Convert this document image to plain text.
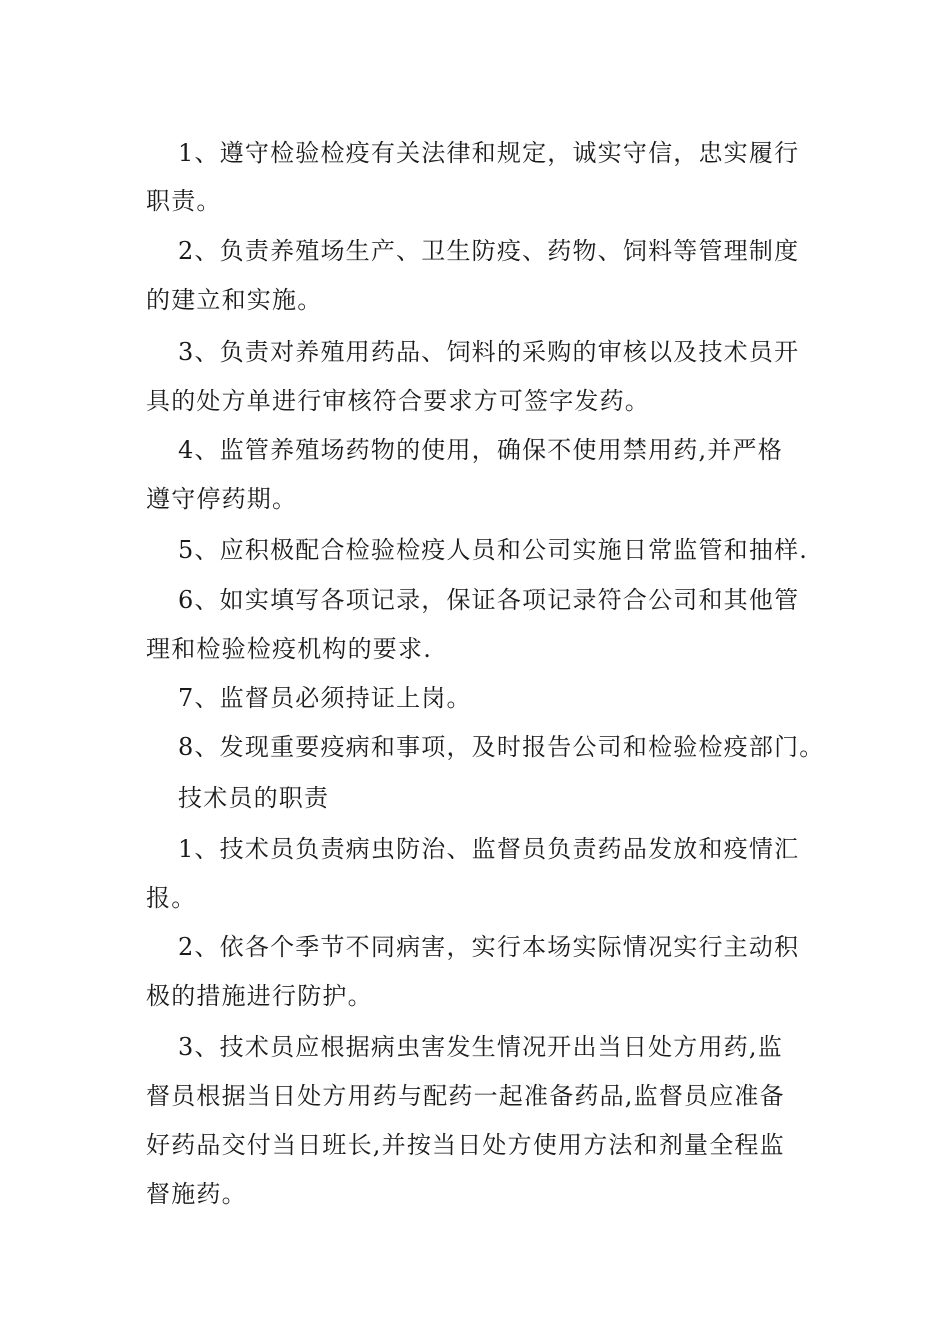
1、遵守检验检疫有关法律和规定，诚实守信，忠实履行
职责。
2、负责养殖场生产、卫生防疫、药物、饲料等管理制度
的建立和实施。
3、负责对养殖用药品、饲料的采购的审核以及技术员开
具的处方单进行审核符合要求方可签字发药。
4、监管养殖场药物的使用，确保不使用禁用药,并严格
遵守停药期。
5、应积极配合检验检疫人员和公司实施日常监管和抽样.
6、如实填写各项记录，保证各项记录符合公司和其他管
理和检验检疫机构的要求.
7、监督员必须持证上岗。
8、发现重要疫病和事项，及时报告公司和检验检疫部门。
技术员的职责
1、技术员负责病虫防治、监督员负责药品发放和疫情汇
报。
2、依各个季节不同病害，实行本场实际情况实行主动积
极的措施进行防护。
3、技术员应根据病虫害发生情况开出当日处方用药,监
督员根据当日处方用药与配药一起准备药品,监督员应准备
好药品交付当日班长,并按当日处方使用方法和剂量全程监
督施药。
